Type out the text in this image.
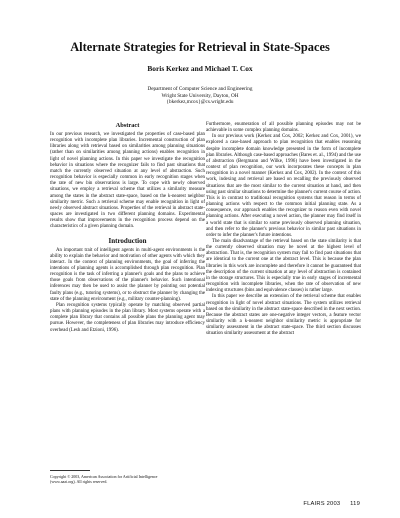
Alternate Strategies for Retrieval in State-Spaces
Boris Kerkez and Michael T. Cox
Department of Computer Science and Engineering
Wright State University, Dayton, OH
{bkerkez,mcox}@cs.wright.edu
Abstract

In our previous research, we investigated the properties of case-based plan recognition with incomplete plan libraries. Incremental construction of plan libraries along with retrieval based on similarities among planning situations (rather than on similarities among planning actions) enables recognition in light of novel planning actions. In this paper we investigate the recognition behavior in situations where the recognizer fails to find past situations that match the currently observed situation at any level of abstraction. Such recognition behavior is especially common in early recognition stages when the rate of new bin observations is large. To cope with newly observed situations, we employ a retrieval scheme that utilizes a similarity measure among the states in the abstract state-space, based on the k-nearest neighbor similarity metric. Such a retrieval scheme may enable recognition in light of newly observed abstract situations. Properties of the retrieval in abstract state-spaces are investigated in two different planning domains. Experimental results show that improvements in the recognition process depend on the characteristics of a given planning domain.

Introduction

An important trait of intelligent agents in multi-agent environments is the ability to explain the behavior and motivation of other agents with which they interact. In the context of planning environments, the goal of inferring the intentions of planning agents is accomplished through plan recognition. Plan recognition is the task of inferring a planner's goals and the plans to achieve those goals from observations of the planner's behavior. Such intentional inferences may then be used to assist the planner by pointing out potential faulty plans (e.g., tutoring systems), or to obstruct the planner by changing the state of the planning environment (e.g., military counter-planning).

Plan recognition systems typically operate by matching observed partial plans with planning episodes in the plan library. Most systems operate with a complete plan library that contains all possible plans the planning agent may pursue. However, the completeness of plan libraries may introduce efficiency overhead (Lesh and Etzioni, 1996).

Furthermore, enumeration of all possible planning episodes may not be achievable in some complex planning domains.

In our previous work (Kerkez and Cox, 2002; Kerkez and Cox, 2001), we explored a case-based approach to plan recognition that enables reasoning despite incomplete domain knowledge presented in the form of incomplete plan libraries. Although case-based approaches (Bares et. al., 1994) and the use of abstraction (Bergmann and Wilke, 1996) have been investigated in the context of plan recognition, our work incorporates these concepts in plan recognition in a novel manner (Kerkez and Cox, 2002). In the context of this work, indexing and retrieval are based on recalling the previously observed situations that are the most similar to the current situation at hand, and then using past similar situations to determine the planner's current course of action. This is in contrast to traditional recognition systems that reason in terms of planning actions with respect to the common initial planning state. As a consequence, our approach enables the recognizer to reason even with novel planning actions. After executing a novel action, the planner may find itself in a world state that is similar to some previously observed planning situation, and then refer to the planner's previous behavior in similar past situations in order to infer the planner's future intentions.

The main disadvantage of the retrieval based on the state similarity is that the currently observed situation may be novel at the highest level of abstraction. That is, the recognition system may fail to find past situations that are identical to the current one at the abstract level. This is because the plan libraries in this work are incomplete and therefore it cannot be guaranteed that the description of the current situation at any level of abstraction is contained in the storage structures. This is especially true in early stages of incremental recognition with incomplete libraries, when the rate of observation of new indexing structures (bins and equivalence classes) is rather large.

In this paper we describe an extension of the retrieval scheme that enables recognition in light of novel abstract situations. The system utilizes retrieval based on the similarity in the abstract state-space described in the next section. Because the abstract states are one-negative integer vectors, a feature vector similarity with a k-nearest neighbor similarity metric is appropriate for similarity assessment in the abstract state-space. The third section discusses situation similarity assessment at the abstract

Copyright © 2003, American Association for Artificial Intelligence
(www.aaai.org). All rights reserved.
FLAIRS 2003 119
